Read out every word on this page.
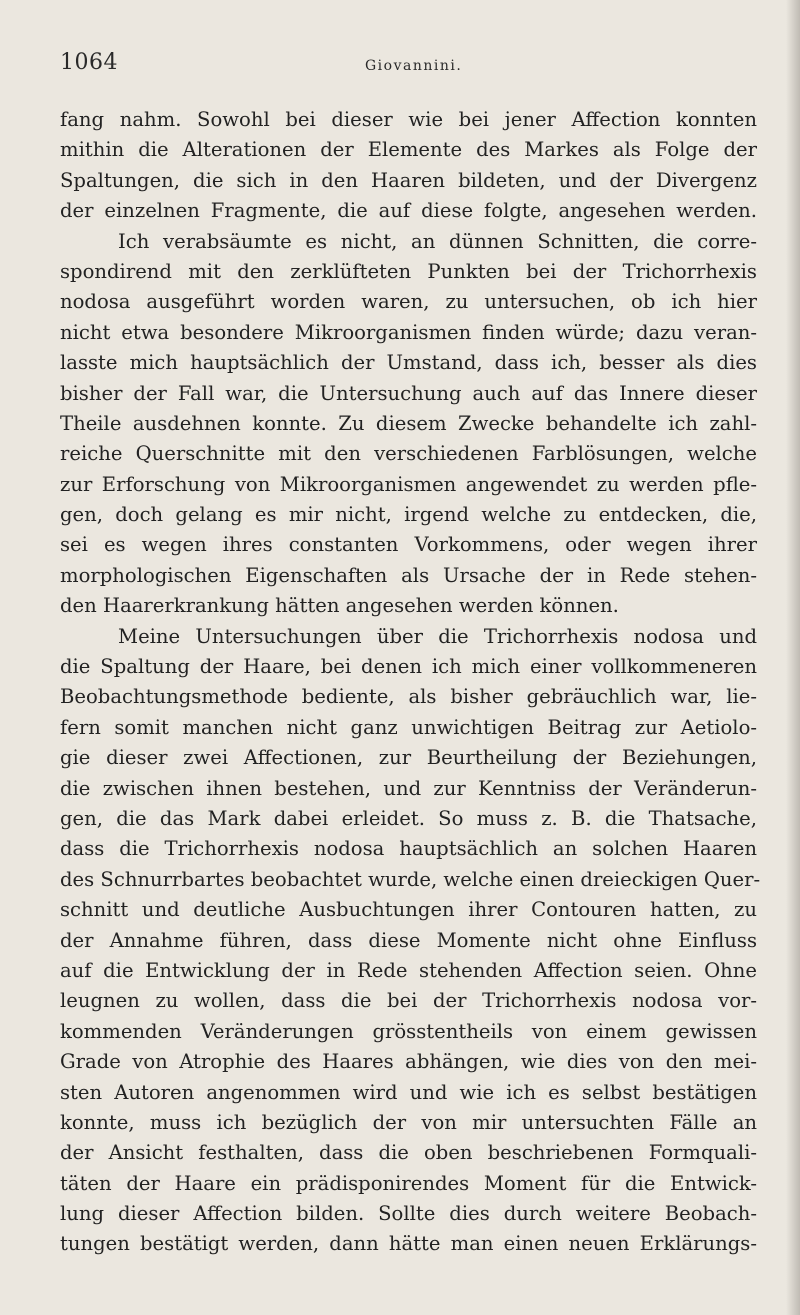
1064	Giovannini.
fang nahm. Sowohl bei dieser wie bei jener Affection konnten
mithin die Alterationen der Elemente des Markes als Folge der
Spaltungen, die sich in den Haaren bildeten, und der Divergenz
der einzelnen Fragmente, die auf diese folgte, angesehen werden.
Ich verabsäumte es nicht, an dünnen Schnitten, die corre-
spondirend mit den zerklüfteten Punkten bei der Trichorrhexis
nodosa ausgeführt worden waren, zu untersuchen, ob ich hier
nicht etwa besondere Mikroorganismen finden würde; dazu veran-
lasste mich hauptsächlich der Umstand, dass ich, besser als dies
bisher der Fall war, die Untersuchung auch auf das Innere dieser
Theile ausdehnen konnte. Zu diesem Zwecke behandelte ich zahl-
reiche Querschnitte mit den verschiedenen Farblösungen, welche
zur Erforschung von Mikroorganismen angewendet zu werden pfle-
gen, doch gelang es mir nicht, irgend welche zu entdecken, die,
sei es wegen ihres constanten Vorkommens, oder wegen ihrer
morphologischen Eigenschaften als Ursache der in Rede stehen-
den Haarerkrankung hätten angesehen werden können.
Meine Untersuchungen über die Trichorrhexis nodosa und
die Spaltung der Haare, bei denen ich mich einer vollkommeneren
Beobachtungsmethode bediente, als bisher gebräuchlich war, lie-
fern somit manchen nicht ganz unwichtigen Beitrag zur Aetiolo-
gie dieser zwei Affectionen, zur Beurtheilung der Beziehungen,
die zwischen ihnen bestehen, und zur Kenntniss der Veränderun-
gen, die das Mark dabei erleidet. So muss z. B. die Thatsache,
dass die Trichorrhexis nodosa hauptsächlich an solchen Haaren
des Schnurrbartes beobachtet wurde, welche einen dreieckigen Quer-
schnitt und deutliche Ausbuchtungen ihrer Contouren hatten, zu
der Annahme führen, dass diese Momente nicht ohne Einfluss
auf die Entwicklung der in Rede stehenden Affection seien. Ohne
leugnen zu wollen, dass die bei der Trichorrhexis nodosa vor-
kommenden Veränderungen grösstentheils von einem gewissen
Grade von Atrophie des Haares abhängen, wie dies von den mei-
sten Autoren angenommen wird und wie ich es selbst bestätigen
konnte, muss ich bezüglich der von mir untersuchten Fälle an
der Ansicht festhalten, dass die oben beschriebenen Formquali-
täten der Haare ein prädisponirendes Moment für die Entwick-
lung dieser Affection bilden. Sollte dies durch weitere Beobach-
tungen bestätigt werden, dann hätte man einen neuen Erklärungs-
